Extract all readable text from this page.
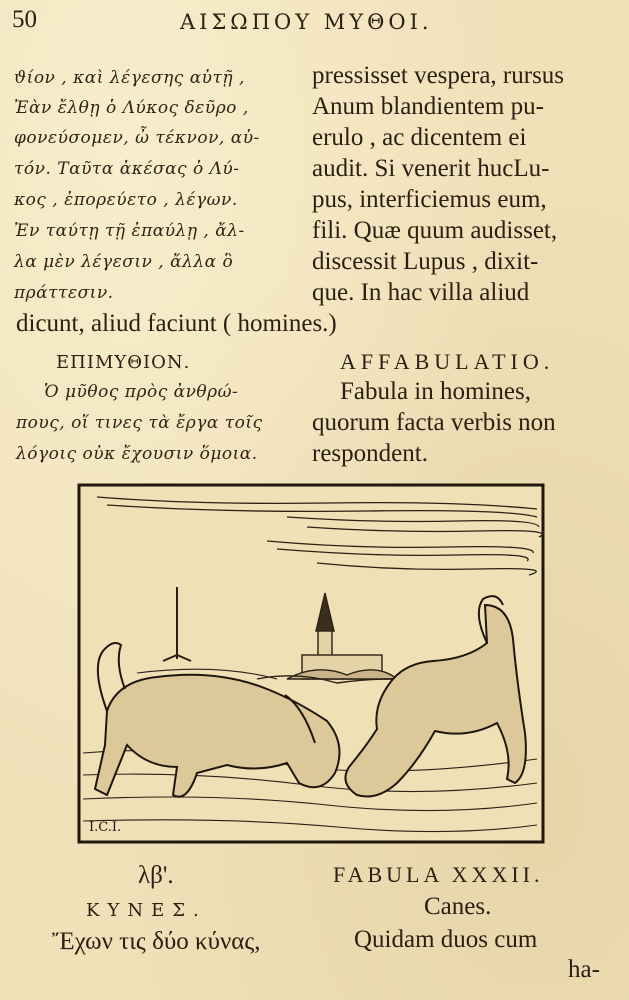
50	ΑΙΣΩΠΟΥ ΜΥΘΟΙ.
ϑίον , καὶ λέγεσης αὐτῇ ,
Ἐὰν ἔλθῃ ὁ Λύκος δεῦρο ,
φονεύσομεν, ὦ τέκνον, αὐ-
τόν. Ταῦτα ἀκέσας ὁ Λύ-
κος , ἐπορεύετο , λέγων.
Ἐν ταύτῃ τῇ ἐπαύλῃ , ἄλ-
λα μὲν λέγεσιν , ἄλλα ὃ
πράττεσιν.
pressisset vespera, rursus
Anum blandientem pu-
erulo , ac dicentem ei
audit. Si venerit hucLu-
pus, interficiemus eum,
fili. Quæ quum audisset,
discessit Lupus , dixit-
que. In hac villa aliud
dicunt, aliud faciunt ( homines.)
ΕΠΙΜΥΘΙΟΝ.
Ὁ μῦθος πρὸς ἀνθρώ-
πους, οἵ τινες τὰ ἔργα τοῖς
λόγοις οὐκ ἔχουσιν ὅμοια.
AFFABULATIO.
Fabula in homines,
quorum facta verbis non
respondent.
I.C.I.
λβ'.
ΚΥΝΕΣ.
Ἔχων τις δύο κύνας,
FABULA XXXII.
Canes.
Quidam duos cum
ha-
